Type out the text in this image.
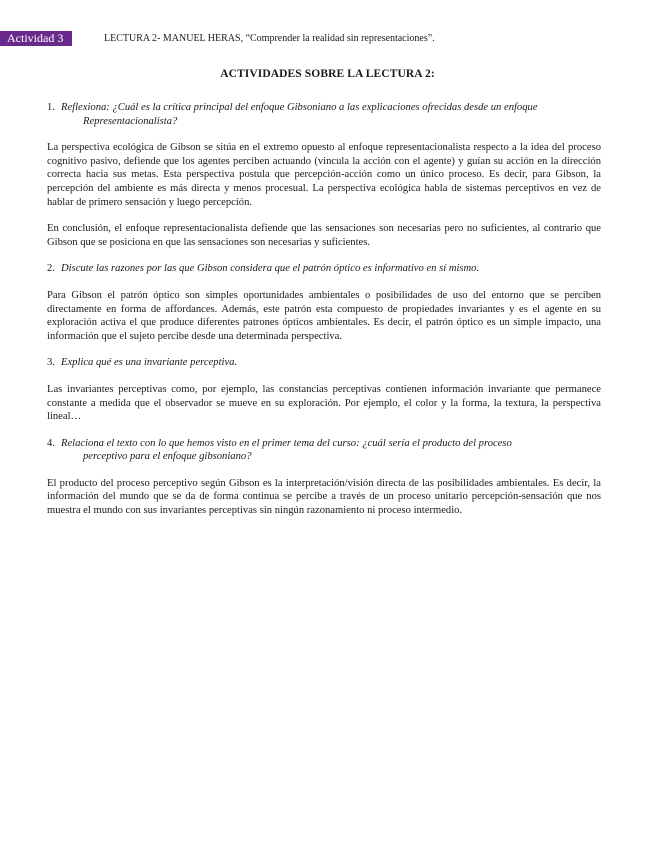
Actividad 3	LECTURA 2- MANUEL HERAS, “Comprender la realidad sin representaciones”.
ACTIVIDADES SOBRE LA LECTURA 2:
1. Reflexiona: ¿Cuál es la crítica principal del enfoque Gibsoniano a las explicaciones ofrecidas desde un enfoque
Representacionalista?

La perspectiva ecológica de Gibson se sitúa en el extremo opuesto al enfoque representacionalista respecto a la idea del proceso cognitivo pasivo, defiende que los agentes perciben actuando (vincula la acción con el agente) y guían su acción en la dirección correcta hacia sus metas. Esta perspectiva postula que percepción-acción como un único proceso. Es decir, para Gibson, la percepción del ambiente es más directa y menos procesual. La perspectiva ecológica habla de sistemas perceptivos en vez de hablar de primero sensación y luego percepción.

En conclusión, el enfoque representacionalista defiende que las sensaciones son necesarias pero no suficientes, al contrario que Gibson que se posiciona en que las sensaciones son necesarias y suficientes.

2. Discute las razones por las que Gibson considera que el patrón óptico es informativo en sí mismo.

Para Gibson el patrón óptico son simples oportunidades ambientales o posibilidades de uso del entorno que se perciben directamente en forma de affordances. Además, este patrón esta compuesto de propiedades invariantes y es el agente en su exploración activa el que produce diferentes patrones ópticos ambientales. Es decir, el patrón óptico es un simple impacto, una información que el sujeto percibe desde una determinada perspectiva.

3. Explica qué es una invariante perceptiva.

Las invariantes perceptivas como, por ejemplo, las constancias perceptivas contienen información invariante que permanece constante a medida que el observador se mueve en su exploración. Por ejemplo, el color y la forma, la textura, la perspectiva lineal…

4. Relaciona el texto con lo que hemos visto en el primer tema del curso: ¿cuál sería el producto del proceso
perceptivo para el enfoque gibsoniano?

El producto del proceso perceptivo según Gibson es la interpretación/visión directa de las posibilidades ambientales. Es decir, la información del mundo que se da de forma continua se percibe a través de un proceso unitario percepción-sensación que nos muestra el mundo con sus invariantes perceptivas sin ningún razonamiento ni proceso intermedio.
